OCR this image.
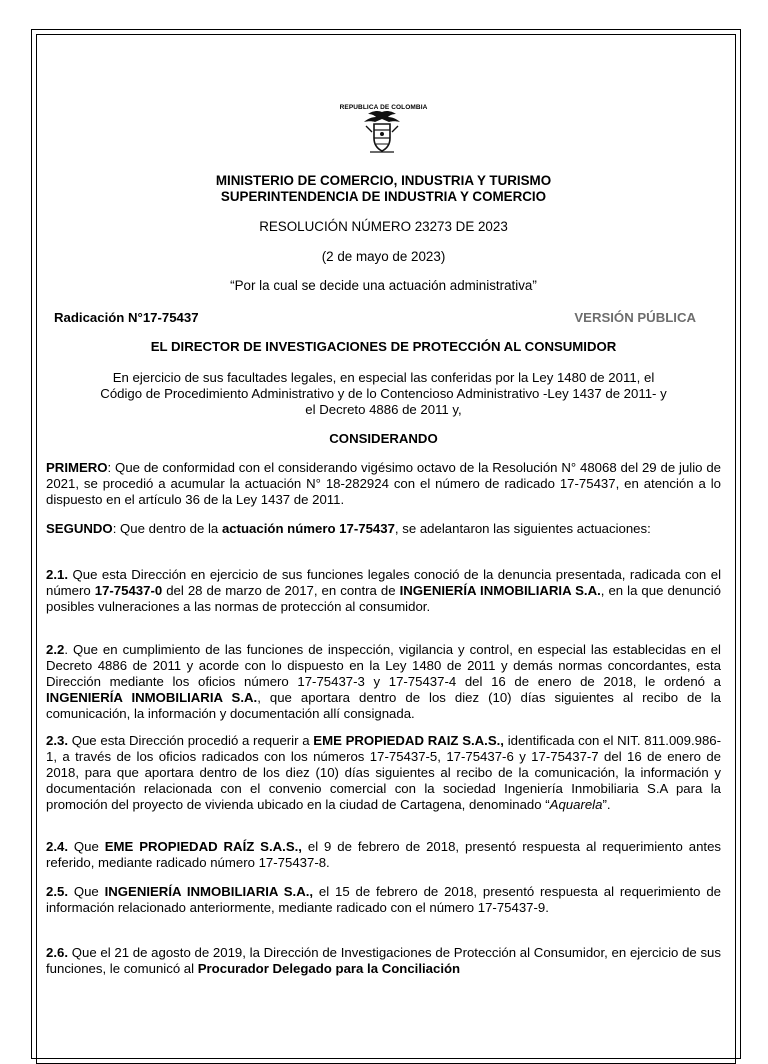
REPUBLICA DE COLOMBIA
MINISTERIO DE COMERCIO, INDUSTRIA Y TURISMO
SUPERINTENDENCIA DE INDUSTRIA Y COMERCIO
RESOLUCIÓN NÚMERO 23273 DE 2023
(2 de mayo de 2023)
“Por la cual se decide una actuación administrativa”
Radicación N°17-75437	VERSIÓN PÚBLICA
EL DIRECTOR DE INVESTIGACIONES DE PROTECCIÓN AL CONSUMIDOR
En ejercicio de sus facultades legales, en especial las conferidas por la Ley 1480 de 2011, el
Código de Procedimiento Administrativo y de lo Contencioso Administrativo -Ley 1437 de 2011- y
el Decreto 4886 de 2011 y,
CONSIDERANDO
PRIMERO: Que de conformidad con el considerando vigésimo octavo de la Resolución N° 48068 del 29 de julio de 2021, se procedió a acumular la actuación N° 18-282924 con el número de radicado 17-75437, en atención a lo dispuesto en el artículo 36 de la Ley 1437 de 2011.
SEGUNDO: Que dentro de la actuación número 17-75437, se adelantaron las siguientes actuaciones:
2.1. Que esta Dirección en ejercicio de sus funciones legales conoció de la denuncia presentada, radicada con el número 17-75437-0 del 28 de marzo de 2017, en contra de INGENIERÍA INMOBILIARIA S.A., en la que denunció posibles vulneraciones a las normas de protección al consumidor.
2.2. Que en cumplimiento de las funciones de inspección, vigilancia y control, en especial las establecidas en el Decreto 4886 de 2011 y acorde con lo dispuesto en la Ley 1480 de 2011 y demás normas concordantes, esta Dirección mediante los oficios número 17-75437-3 y 17-75437-4 del 16 de enero de 2018, le ordenó a INGENIERÍA INMOBILIARIA S.A., que aportara dentro de los diez (10) días siguientes al recibo de la comunicación, la información y documentación allí consignada.
2.3. Que esta Dirección procedió a requerir a EME PROPIEDAD RAIZ S.A.S., identificada con el NIT. 811.009.986-1, a través de los oficios radicados con los números 17-75437-5, 17-75437-6 y 17-75437-7 del 16 de enero de 2018, para que aportara dentro de los diez (10) días siguientes al recibo de la comunicación, la información y documentación relacionada con el convenio comercial con la sociedad Ingeniería Inmobiliaria S.A para la promoción del proyecto de vivienda ubicado en la ciudad de Cartagena, denominado “Aquarela”.
2.4. Que EME PROPIEDAD RAÍZ S.A.S., el 9 de febrero de 2018, presentó respuesta al requerimiento antes referido, mediante radicado número 17-75437-8.
2.5. Que INGENIERÍA INMOBILIARIA S.A., el 15 de febrero de 2018, presentó respuesta al requerimiento de información relacionado anteriormente, mediante radicado con el número 17-75437-9.
2.6. Que el 21 de agosto de 2019, la Dirección de Investigaciones de Protección al Consumidor, en ejercicio de sus funciones, le comunicó al Procurador Delegado para la Conciliación
